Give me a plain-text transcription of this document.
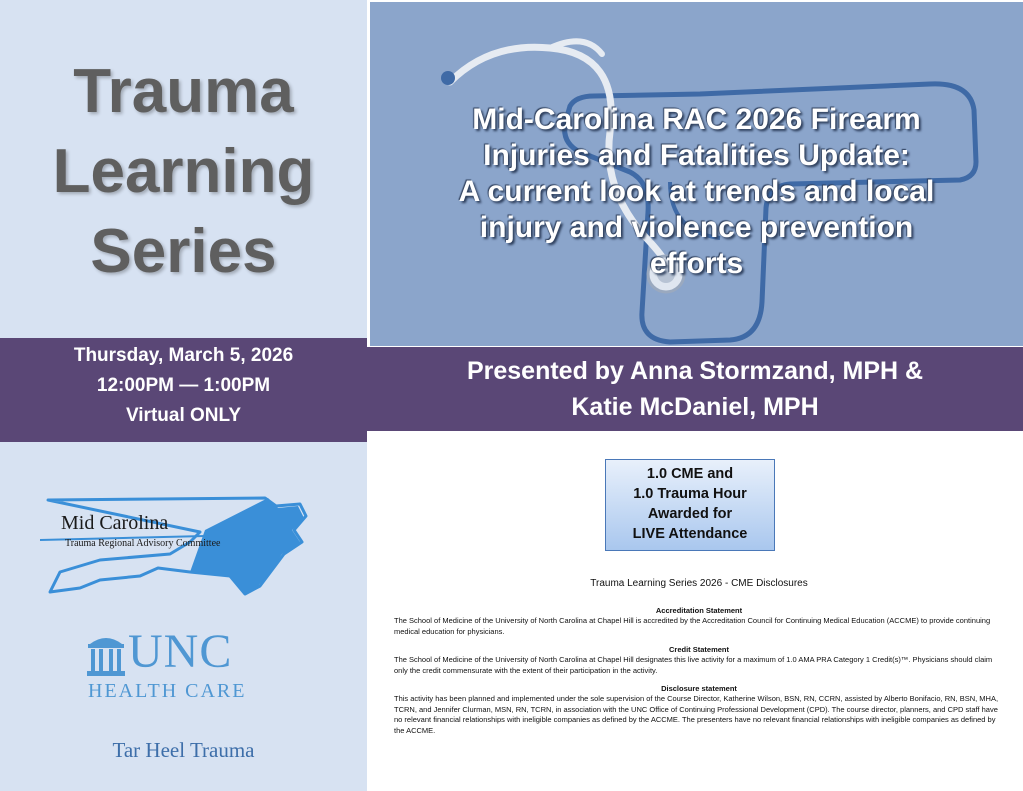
Trauma
Learning
Series
Mid-Carolina RAC 2026 Firearm
Injuries and Fatalities Update:
A current look at trends and local
injury and violence prevention
efforts
Thursday, March 5, 2026
12:00PM — 1:00PM
Virtual ONLY
Presented by Anna Stormzand, MPH &
Katie McDaniel, MPH
Mid Carolina
Trauma Regional Advisory Committee
UNC
HEALTH CARE
Tar Heel Trauma
1.0 CME and
1.0 Trauma Hour
Awarded for
LIVE Attendance
Trauma Learning Series 2026 - CME Disclosures
Accreditation Statement
The School of Medicine of the University of North Carolina at Chapel Hill is accredited by the Accreditation Council for Continuing Medical Education (ACCME) to provide continuing medical education for physicians.
Credit Statement
The School of Medicine of the University of North Carolina at Chapel Hill designates this live activity for a maximum of 1.0 AMA PRA Category 1 Credit(s)™. Physicians should claim only the credit commensurate with the extent of their participation in the activity.
Disclosure statement
This activity has been planned and implemented under the sole supervision of the Course Director, Katherine Wilson, BSN, RN, CCRN, assisted by Alberto Bonifacio, RN, BSN, MHA, TCRN, and Jennifer Clurman, MSN, RN, TCRN, in association with the UNC Office of Continuing Professional Development (CPD). The course director, planners, and CPD staff have no relevant financial relationships with ineligible companies as defined by the ACCME. The presenters have no relevant financial relationships with ineligible companies as defined by the ACCME.
